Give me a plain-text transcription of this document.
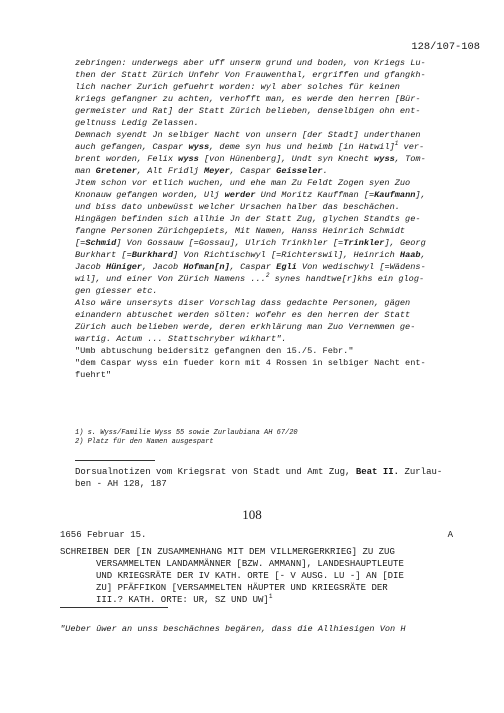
128/107-108
zebringen: underwegs aber uff unserm grund und boden, von Kriegs Lu-
then der Statt Zürich Unfehr Von Frauwenthal, ergriffen und gfangkh-
lich nacher Zurich gefuehrt worden: wyl aber solches für keinen
kriegs gefangner zu achten, verhofft man, es werde den herren [Bür-
germeister und Rat] der Statt Zürich belieben, denselbigen ohn ent-
geltnuss Ledig Zelassen.
Demnach syendt Jn selbiger Nacht von unsern [der Stadt] underthanen
auch gefangen, Caspar wyss, deme syn hus und heimb [in Hatwil]$^1$ ver-
brent worden, Felix wyss [von Hünenberg], Undt syn Knecht wyss, Tom-
man Gretener, Alt Fridlj Meyer, Caspar Geisseler.
Jtem schon vor etlich wuchen, und ehe man Zu Feldt Zogen syen Zuo
Knonauw gefangen worden, Ulj werder Und Moritz Kauffman [=Kaufmann],
und biss dato unbewüsst welcher Ursachen halber das beschächen.
Hingägen befinden sich allhie Jn der Statt Zug, glychen Standts ge-
fangne Personen Zürichgepiets, Mit Namen, Hanss Heinrich Schmidt
[=Schmid] Von Gossauw [=Gossau], Ulrich Trinkhler [=Trinkler], Georg
Burkhart [=Burkhard] Von Richtischwyl [=Richterswil], Heinrich Haab,
Jacob Hüniger, Jacob Hofman[n], Caspar Egli Von wedischwyl [=Wädens-
wil], und einer Von Zürich Namens ...$^2$ synes handtwe[r]khs ein glog-
gen giesser etc.
Also wäre unsersyts diser Vorschlag dass gedachte Personen, gägen
einandern abtuschet werden sölten: wofehr es den herren der Statt
Zürich auch belieben werde, deren erkhlärung man Zuo Vernemmen ge-
wartig. Actum ... Stattschryber wikhart".
"Umb abtuschung beidersitz gefangnen den 15./5. Febr."
"dem Caspar wyss ein fueder korn mit 4 Rossen in selbiger Nacht ent-
fuehrt"
1) s. Wyss/Familie Wyss 55 sowie Zurlaubiana AH 67/20
2) Platz für den Namen ausgespart
Dorsualnotizen vom Kriegsrat von Stadt und Amt Zug, Beat II. Zurlau-
ben - AH 128, 187
108
1656 Februar 15.	A
SCHREIBEN DER [IN ZUSAMMENHANG MIT DEM VILLMERGERKRIEG] ZU ZUG
VERSAMMELTEN LANDAMMÄNNER [BZW. AMMANN], LANDESHAUPTLEUTE
UND KRIEGSRÄTE DER IV KATH. ORTE [- V AUSG. LU -] AN [DIE
ZU] PFÄFFIKON [VERSAMMELTEN HÄUPTER UND KRIEGSRÄTE DER
III.? KATH. ORTE: UR, SZ UND UW]$^1$
"Ueber ûwer an unss beschächnes begären, dass die Allhiesigen Von H
